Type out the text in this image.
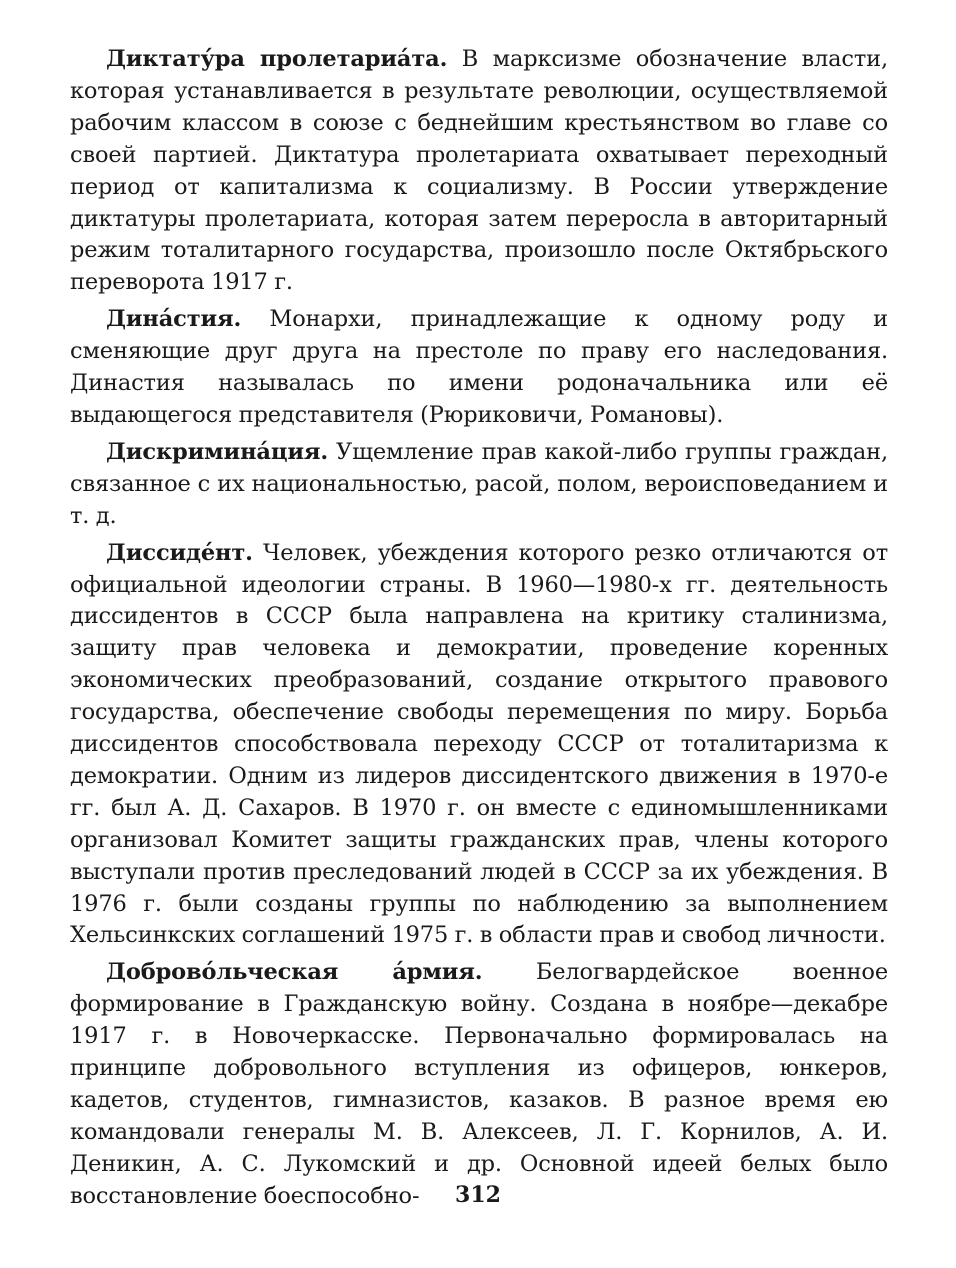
Диктату́ра пролетариа́та. В марксизме обозначение власти, которая устанавливается в результате революции, осуществляемой рабочим классом в союзе с беднейшим крестьянством во главе со своей партией. Диктатура пролетариата охватывает переходный период от капитализма к социализму. В России утверждение диктатуры пролетариата, которая затем переросла в авторитарный режим тоталитарного государства, произошло после Октябрьского переворота 1917 г.

Дина́стия. Монархи, принадлежащие к одному роду и сменяющие друг друга на престоле по праву его наследования. Династия называлась по имени родоначальника или её выдающегося представителя (Рюриковичи, Романовы).

Дискримина́ция. Ущемление прав какой-либо группы граждан, связанное с их национальностью, расой, полом, вероисповеданием и т. д.

Диссиде́нт. Человек, убеждения которого резко отличаются от официальной идеологии страны. В 1960—1980-х гг. деятельность диссидентов в СССР была направлена на критику сталинизма, защиту прав человека и демократии, проведение коренных экономических преобразований, создание открытого правового государства, обеспечение свободы перемещения по миру. Борьба диссидентов способствовала переходу СССР от тоталитаризма к демократии. Одним из лидеров диссидентского движения в 1970-е гг. был А. Д. Сахаров. В 1970 г. он вместе с единомышленниками организовал Комитет защиты гражданских прав, члены которого выступали против преследований людей в СССР за их убеждения. В 1976 г. были созданы группы по наблюдению за выполнением Хельсинкских соглашений 1975 г. в области прав и свобод личности.

Доброво́льческая а́рмия. Белогвардейское военное формирование в Гражданскую войну. Создана в ноябре—декабре 1917 г. в Новочеркасске. Первоначально формировалась на принципе добровольного вступления из офицеров, юнкеров, кадетов, студентов, гимназистов, казаков. В разное время ею командовали генералы М. В. Алексеев, Л. Г. Корнилов, А. И. Деникин, А. С. Лукомский и др. Основной идеей белых было восстановление боеспособно-	312
